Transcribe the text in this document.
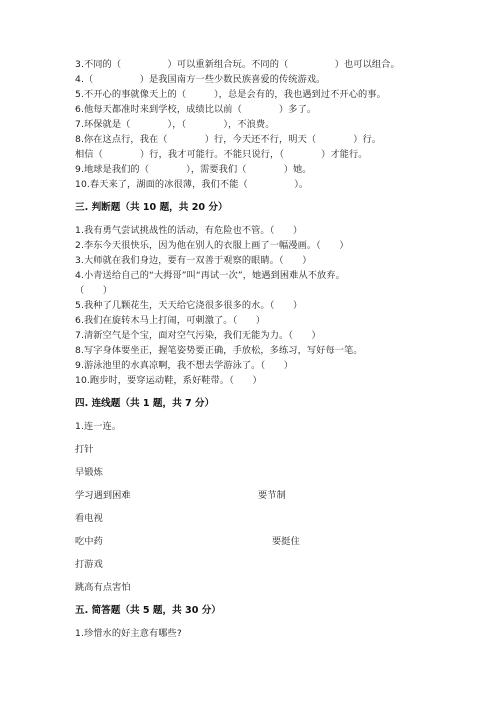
3.不同的（　　　　　）可以重新组合玩。不同的（　　　　　）也可以组合。
4.（　　　　　）是我国南方一些少数民族喜爱的传统游戏。
5.不开心的事就像天上的（　　　），总是会有的，我也遇到过不开心的事。
6.他每天都准时来到学校，成绩比以前（　　　　）多了。
7.环保就是（　　　　），（　　　　），不浪费。
8.你在这点行，我在（　　　　）行，今天还不行，明天（　　　　）行。
相信（　　　　）行，我才可能行。不能只说行，（　　　　）才能行。
9.地球是我们的（　　　　），需要我们（　　　　）她。
10.春天来了，湖面的冰很薄，我们不能（　　　　　）。
三. 判断题（共 10 题，共 20 分）
1.我有勇气尝试挑战性的活动，有危险也不管。（　　）
2.李东今天很快乐，因为他在别人的衣服上画了一幅漫画。（　　）
3.大师就在我们身边，要有一双善于观察的眼睛。（　　）
4.小青送给自己的“大拇哥”叫“再试一次”，她遇到困难从不放弃。
（　　）
5.我种了几颗花生，天天给它浇很多很多的水。（　　）
6.我们在旋转木马上打闹，可刺激了。（　　）
7.清新空气是个宝，面对空气污染，我们无能为力。（　　）
8.写字身体要坐正，握笔姿势要正确，手放松，多练习，写好每一笔。
9.游泳池里的水真凉啊，我不想去学游泳了。（　　）
10.跑步时，要穿运动鞋，系好鞋带。（　　）
四. 连线题（共 1 题，共 7 分）
1.连一连。
打针
早锻炼
学习遇到困难	要节制
看电视
吃中药	要挺住
打游戏
跳高有点害怕
五. 简答题（共 5 题，共 30 分）
1.珍惜水的好主意有哪些?
